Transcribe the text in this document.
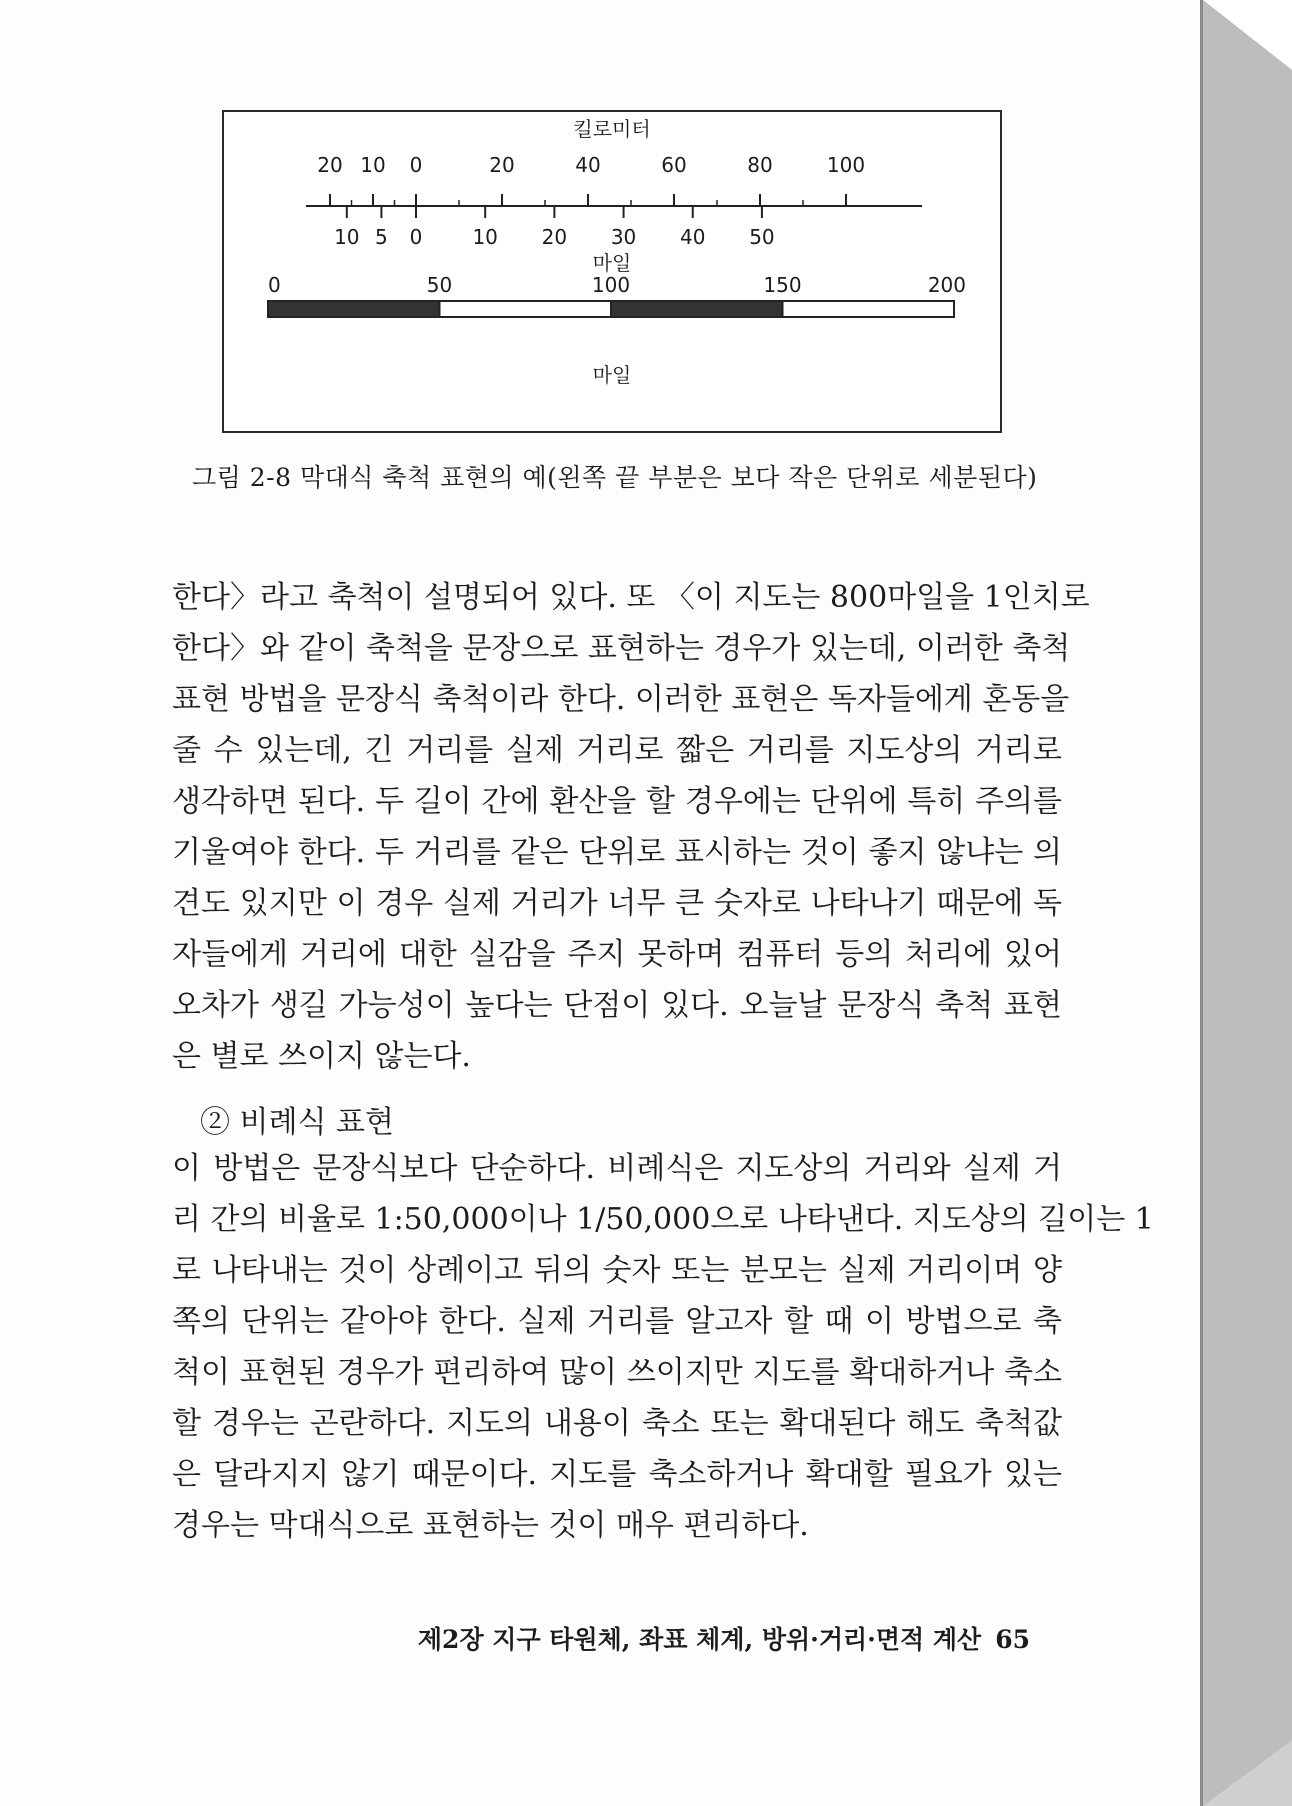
20 10 0	20	40	60	80	100
10 5 0	10 20 30 40 50
킬로미터
마일
0	50	100	150	200
마일
그림 2-8 막대식 축척 표현의 예(왼쪽 끝 부분은 보다 작은 단위로 세분된다)
한다〉라고 축척이 설명되어 있다. 또 〈이 지도는 800마일을 1인치로
한다〉와 같이 축척을 문장으로 표현하는 경우가 있는데, 이러한 축척
표현 방법을 문장식 축척이라 한다. 이러한 표현은 독자들에게 혼동을
줄 수 있는데, 긴 거리를 실제 거리로 짧은 거리를 지도상의 거리로
생각하면 된다. 두 길이 간에 환산을 할 경우에는 단위에 특히 주의를
기울여야 한다. 두 거리를 같은 단위로 표시하는 것이 좋지 않냐는 의
견도 있지만 이 경우 실제 거리가 너무 큰 숫자로 나타나기 때문에 독
자들에게 거리에 대한 실감을 주지 못하며 컴퓨터 등의 처리에 있어
오차가 생길 가능성이 높다는 단점이 있다. 오늘날 문장식 축척 표현
은 별로 쓰이지 않는다.
② 비례식 표현
이 방법은 문장식보다 단순하다. 비례식은 지도상의 거리와 실제 거
리 간의 비율로 1:50,000이나 1/50,000으로 나타낸다. 지도상의 길이는 1
로 나타내는 것이 상례이고 뒤의 숫자 또는 분모는 실제 거리이며 양
쪽의 단위는 같아야 한다. 실제 거리를 알고자 할 때 이 방법으로 축
척이 표현된 경우가 편리하여 많이 쓰이지만 지도를 확대하거나 축소
할 경우는 곤란하다. 지도의 내용이 축소 또는 확대된다 해도 축척값
은 달라지지 않기 때문이다. 지도를 축소하거나 확대할 필요가 있는
경우는 막대식으로 표현하는 것이 매우 편리하다.
제2장 지구 타원체, 좌표 체계, 방위·거리·면적 계산 65
